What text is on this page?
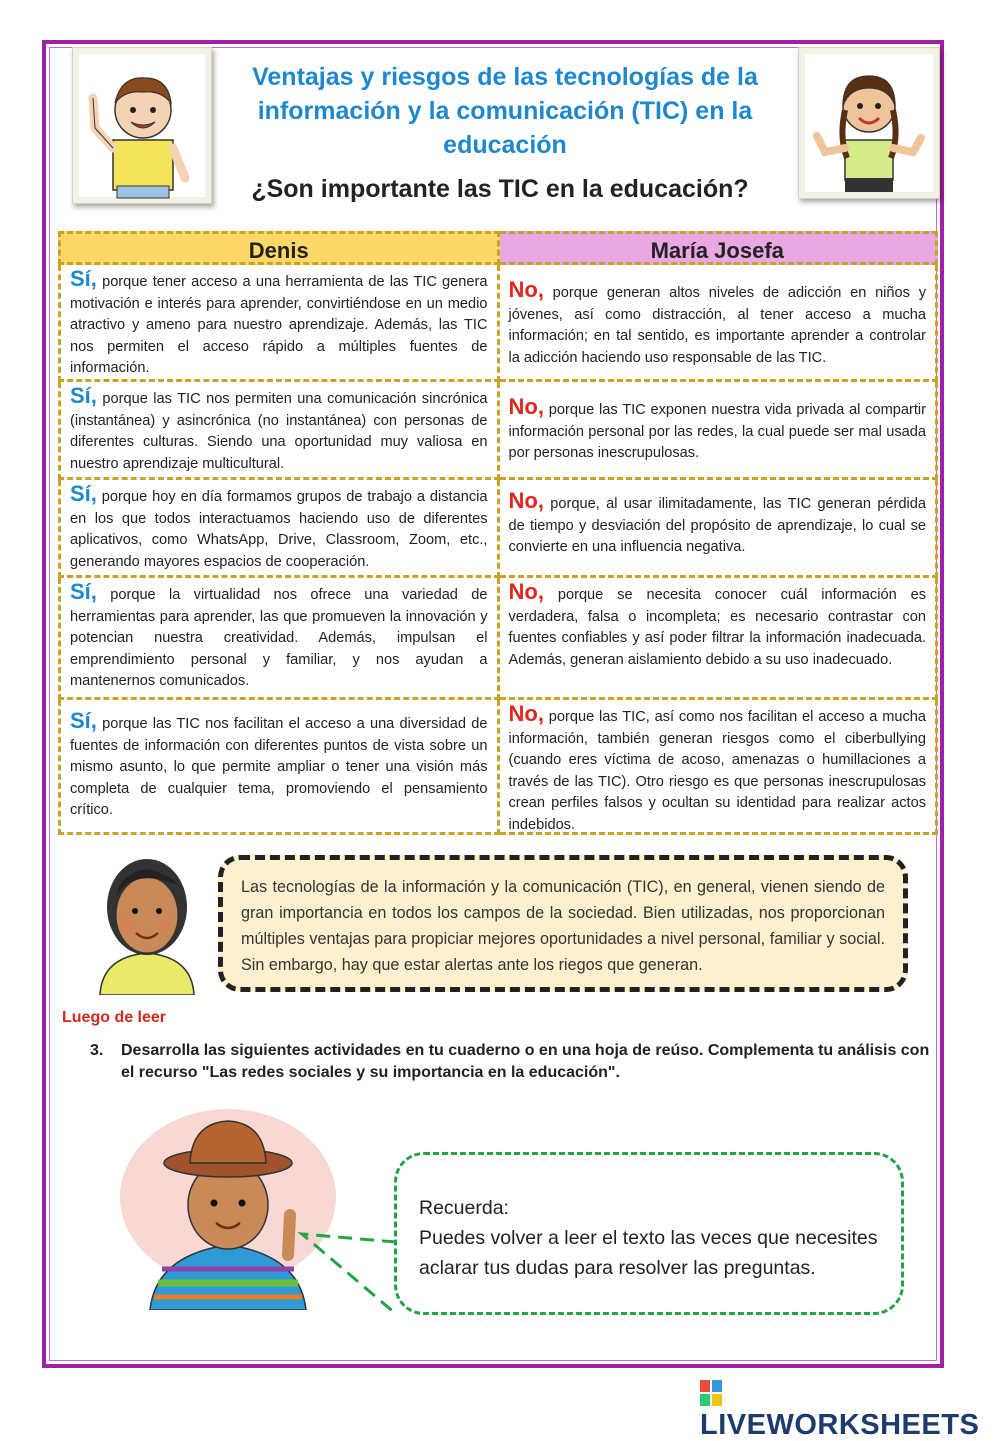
Ventajas y riesgos de las tecnologías de la información y la comunicación (TIC) en la educación
¿Son importante las TIC en la educación?
Denis	María Josefa
Sí, porque tener acceso a una herramienta de las TIC genera motivación e interés para aprender, convirtiéndose en un medio atractivo y ameno para nuestro aprendizaje. Además, las TIC nos permiten el acceso rápido a múltiples fuentes de información.
No, porque generan altos niveles de adicción en niños y jóvenes, así como distracción, al tener acceso a mucha información; en tal sentido, es importante aprender a controlar la adicción haciendo uso responsable de las TIC.
Sí, porque las TIC nos permiten una comunicación sincrónica (instantánea) y asincrónica (no instantánea) con personas de diferentes culturas. Siendo una oportunidad muy valiosa en nuestro aprendizaje multicultural.
No, porque las TIC exponen nuestra vida privada al compartir información personal por las redes, la cual puede ser mal usada por personas inescrupulosas.
Sí, porque hoy en día formamos grupos de trabajo a distancia en los que todos interactuamos haciendo uso de diferentes aplicativos, como WhatsApp, Drive, Classroom, Zoom, etc., generando mayores espacios de cooperación.
No, porque, al usar ilimitadamente, las TIC generan pérdida de tiempo y desviación del propósito de aprendizaje, lo cual se convierte en una influencia negativa.
Sí, porque la virtualidad nos ofrece una variedad de herramientas para aprender, las que promueven la innovación y potencian nuestra creatividad. Además, impulsan el emprendimiento personal y familiar, y nos ayudan a mantenernos comunicados.
No, porque se necesita conocer cuál información es verdadera, falsa o incompleta; es necesario contrastar con fuentes confiables y así poder filtrar la información inadecuada. Además, generan aislamiento debido a su uso inadecuado.
Sí, porque las TIC nos facilitan el acceso a una diversidad de fuentes de información con diferentes puntos de vista sobre un mismo asunto, lo que permite ampliar o tener una visión más completa de cualquier tema, promoviendo el pensamiento crítico.
No, porque las TIC, así como nos facilitan el acceso a mucha información, también generan riesgos como el ciberbullying (cuando eres víctima de acoso, amenazas o humillaciones a través de las TIC). Otro riesgo es que personas inescrupulosas crean perfiles falsos y ocultan su identidad para realizar actos indebidos.
Las tecnologías de la información y la comunicación (TIC), en general, vienen siendo de gran importancia en todos los campos de la sociedad. Bien utilizadas, nos proporcionan múltiples ventajas para propiciar mejores oportunidades a nivel personal, familiar y social. Sin embargo, hay que estar alertas ante los riegos que generan.
Luego de leer
3. Desarrolla las siguientes actividades en tu cuaderno o en una hoja de reúso. Complementa tu análisis con el recurso "Las redes sociales y su importancia en la educación".
Recuerda:
Puedes volver a leer el texto las veces que necesites aclarar tus dudas para resolver las preguntas.
LIVEWORKSHEETS
